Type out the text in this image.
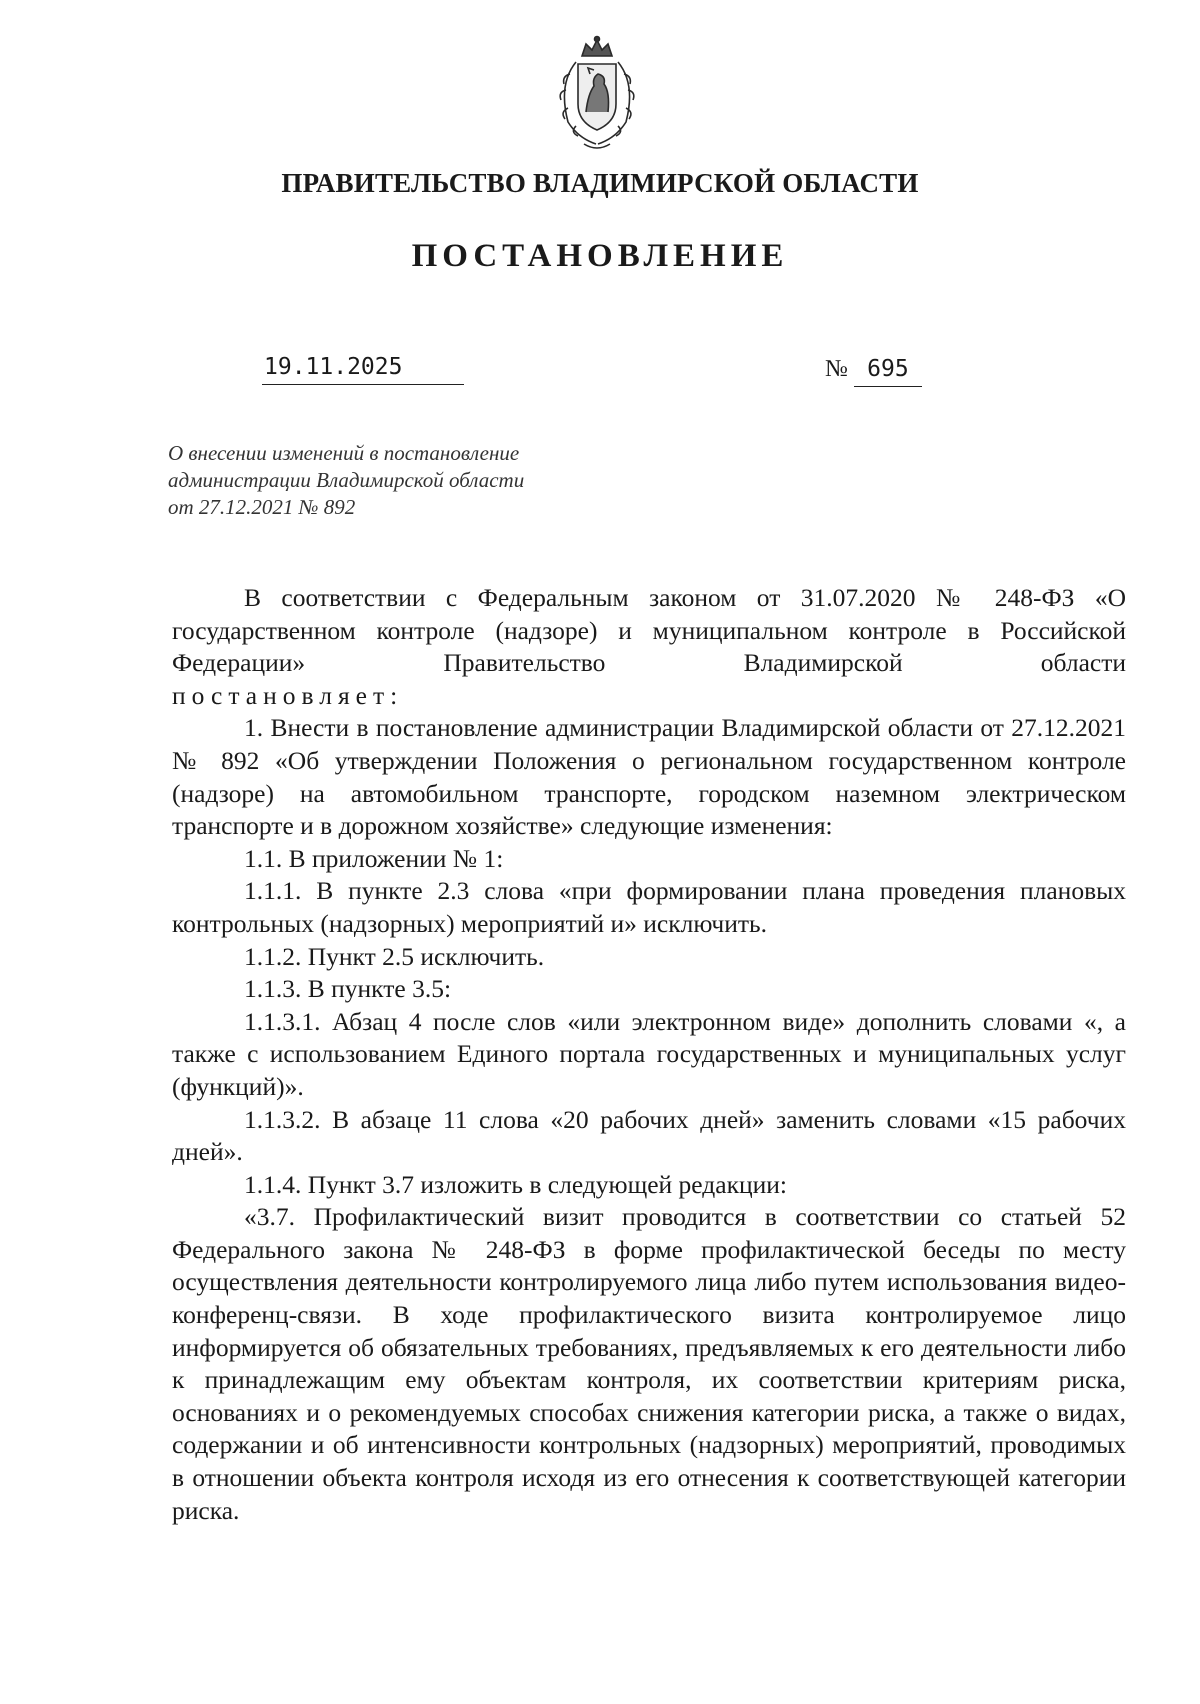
ПРАВИТЕЛЬСТВО ВЛАДИМИРСКОЙ ОБЛАСТИ
ПОСТАНОВЛЕНИЕ
19.11.2025	№ 695
О внесении изменений в постановление
администрации Владимирской области
от 27.12.2021 № 892

В соответствии с Федеральным законом от 31.07.2020 № 248-ФЗ «О государственном контроле (надзоре) и муниципальном контроле в Российской Федерации» Правительство Владимирской области

постановляет:

1. Внести в постановление администрации Владимирской области от 27.12.2021 № 892 «Об утверждении Положения о региональном государственном контроле (надзоре) на автомобильном транспорте, городском наземном электрическом транспорте и в дорожном хозяйстве» следующие изменения:

1.1. В приложении № 1:

1.1.1. В пункте 2.3 слова «при формировании плана проведения плановых контрольных (надзорных) мероприятий и» исключить.

1.1.2. Пункт 2.5 исключить.

1.1.3. В пункте 3.5:

1.1.3.1. Абзац 4 после слов «или электронном виде» дополнить словами «, а также с использованием Единого портала государственных и муниципальных услуг (функций)».

1.1.3.2. В абзаце 11 слова «20 рабочих дней» заменить словами «15 рабочих дней».

1.1.4. Пункт 3.7 изложить в следующей редакции:

«3.7. Профилактический визит проводится в соответствии со статьей 52 Федерального закона № 248-ФЗ в форме профилактической беседы по месту осуществления деятельности контролируемого лица либо путем использования видео-конференц-связи. В ходе профилактического визита контролируемое лицо информируется об обязательных требованиях, предъявляемых к его деятельности либо к принадлежащим ему объектам контроля, их соответствии критериям риска, основаниях и о рекомендуемых способах снижения категории риска, а также о видах, содержании и об интенсивности контрольных (надзорных) мероприятий, проводимых в отношении объекта контроля исходя из его отнесения к соответствующей категории риска.
